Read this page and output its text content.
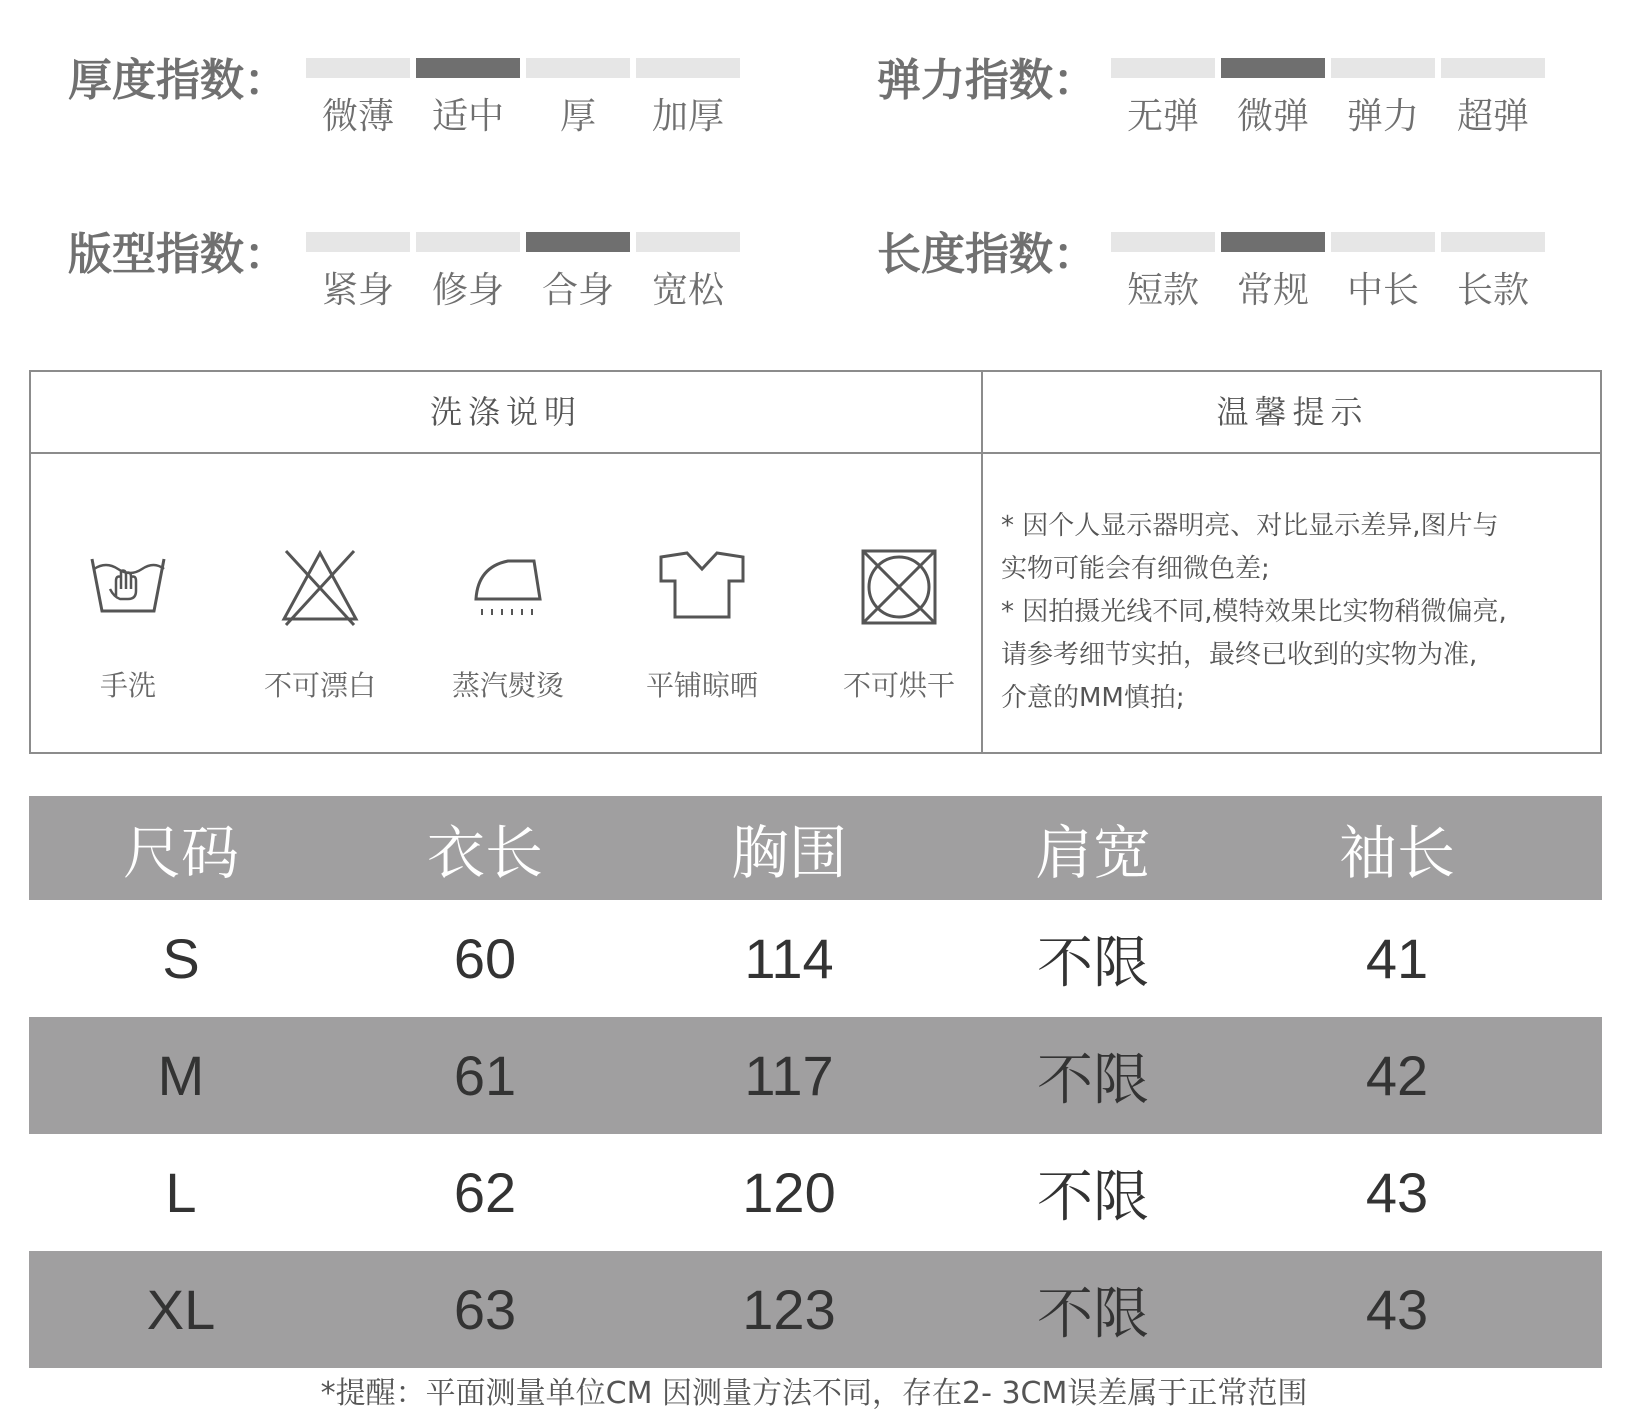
厚度指数：
微薄	适中	厚	加厚
弹力指数：
无弹	微弹	弹力	超弹
版型指数：
紧身	修身	合身	宽松
长度指数：
短款	常规	中长	长款
洗涤说明	温馨提示
手洗	不可漂白	蒸汽熨烫	平铺晾晒	不可烘干
* 因个人显示器明亮、对比显示差异,图片与
实物可能会有细微色差;
* 因拍摄光线不同,模特效果比实物稍微偏亮,
请参考细节实拍，最终已收到的实物为准,
介意的MM慎拍;
尺码	衣长	胸围	肩宽	袖长
S	60	114	不限	41
M	61	117	不限	42
L	62	120	不限	43
XL	63	123	不限	43
*提醒：平面测量单位CM 因测量方法不同，存在2- 3CM误差属于正常范围
